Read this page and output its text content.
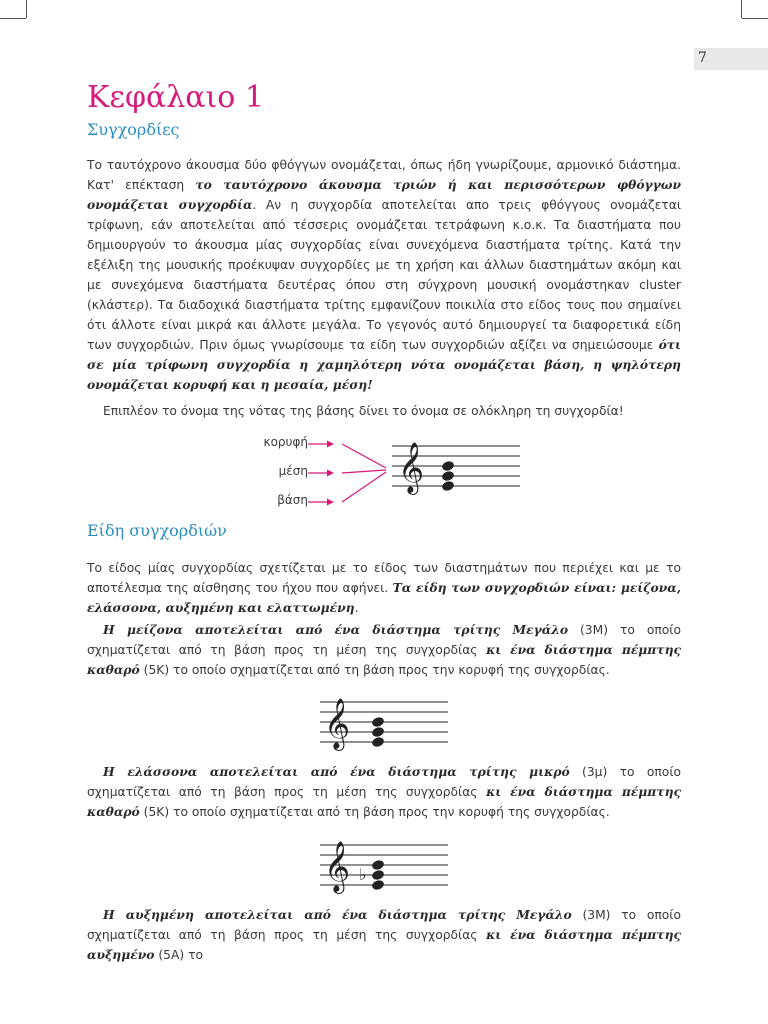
7
Κεφάλαιο 1
Συγχορδίες

Το ταυτόχρονο άκουσμα δύο φθόγγων ονομάζεται, όπως ήδη γνωρίζουμε, αρμονικό διάστημα. Κατ' επέκταση το ταυτόχρονο άκουσμα τριών ή και περισσότερων φθόγγων ονομάζεται συγχορδία. Αν η συγχορδία αποτελείται απο τρεις φθόγγους ονομάζεται τρίφωνη, εάν αποτελείται από τέσσερις ονομάζεται τετράφωνη κ.ο.κ. Τα διαστήματα που δημιουργούν το άκουσμα μίας συγχορδίας είναι συνεχόμενα διαστήματα τρίτης. Κατά την εξέλιξη της μουσικής προέκυψαν συγχορδίες με τη χρήση και άλλων διαστημάτων ακόμη και με συνεχόμενα διαστήματα δευτέρας όπου στη σύγχρονη μουσική ονομάστηκαν cluster (κλάστερ). Τα διαδοχικά διαστήματα τρίτης εμφανίζουν ποικιλία στο είδος τους που σημαίνει ότι άλλοτε είναι μικρά και άλλοτε μεγάλα. Το γεγονός αυτό δημιουργεί τα διαφορετικά είδη των συγχορδιών. Πριν όμως γνωρίσουμε τα είδη των συγχορδιών αξίζει να σημειώσουμε ότι σε μία τρίφωνη συγχορδία η χαμηλότερη νότα ονομάζεται βάση, η ψηλότερη ονομάζεται κορυφή και η μεσαία, μέση!

Επιπλέον το όνομα της νότας της βάσης δίνει το όνομα σε ολόκληρη τη συγχορδία!

κορυφή
μέση
βάση
𝄞
Είδη συγχορδιών

Το είδος μίας συγχορδίας σχετίζεται με το είδος των διαστημάτων που περιέχει και με το αποτέλεσμα της αίσθησης του ήχου που αφήνει. Τα είδη των συγχορδιών είναι: μείζονα, ελάσσονα, αυξημένη και ελαττωμένη.

Η μείζονα αποτελείται από ένα διάστημα τρίτης Μεγάλο (3M) το οποίο σχηματίζεται από τη βάση προς τη μέση της συγχορδίας κι ένα διάστημα πέμπτης καθαρό (5K) το οποίο σχηματίζεται από τη βάση προς την κορυφή της συγχορδίας.

𝄞

Η ελάσσονα αποτελείται από ένα διάστημα τρίτης μικρό (3μ) το οποίο σχηματίζεται από τη βάση προς τη μέση της συγχορδίας κι ένα διάστημα πέμπτης καθαρό (5K) το οποίο σχηματίζεται από τη βάση προς την κορυφή της συγχορδίας.

𝄞 ♭

Η αυξημένη αποτελείται από ένα διάστημα τρίτης Μεγάλο (3M) το οποίο σχηματίζεται από τη βάση προς τη μέση της συγχορδίας κι ένα διάστημα πέμπτης αυξημένο (5A) το
